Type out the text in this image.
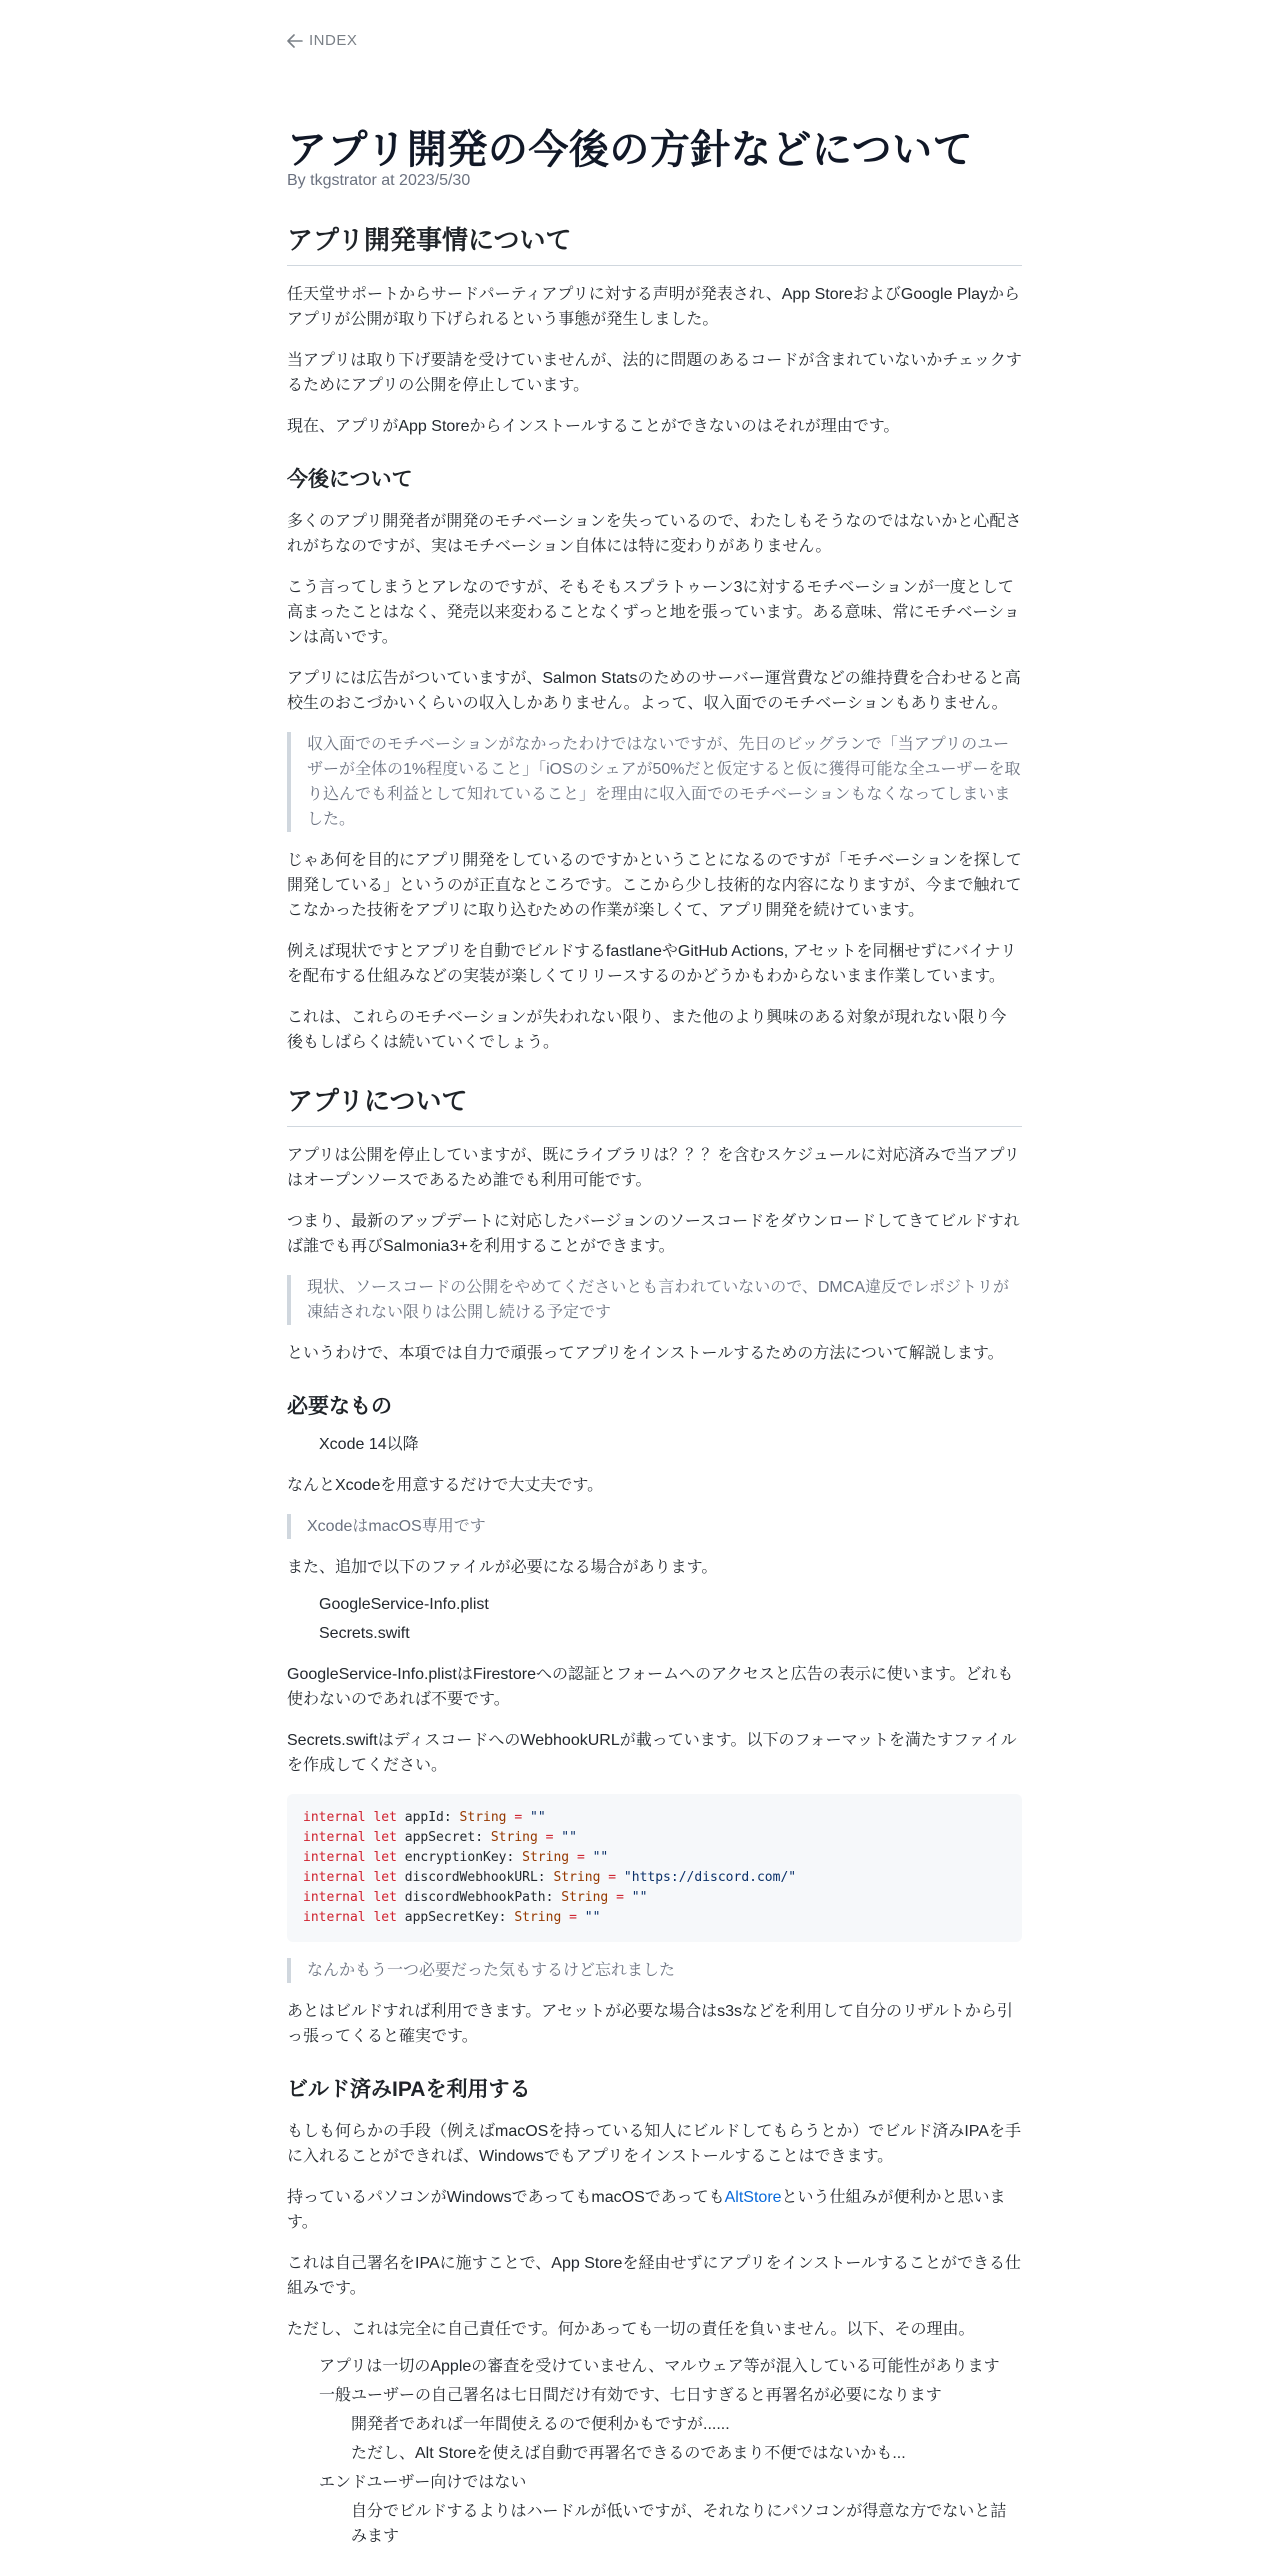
INDEX
アプリ開発の今後の方針などについて
By tkgstrator at 2023/5/30
アプリ開発事情について

任天堂サポートからサードパーティアプリに対する声明が発表され、App StoreおよびGoogle Playからアプリが公開が取り下げられるという事態が発生しました。

当アプリは取り下げ要請を受けていませんが、法的に問題のあるコードが含まれていないかチェックするためにアプリの公開を停止しています。

現在、アプリがApp Storeからインストールすることができないのはそれが理由です。

今後について

多くのアプリ開発者が開発のモチベーションを失っているので、わたしもそうなのではないかと心配されがちなのですが、実はモチベーション自体には特に変わりがありません。

こう言ってしまうとアレなのですが、そもそもスプラトゥーン3に対するモチベーションが一度として高まったことはなく、発売以来変わることなくずっと地を張っています。ある意味、常にモチベーションは高いです。

アプリには広告がついていますが、Salmon Statsのためのサーバー運営費などの維持費を合わせると高校生のおこづかいくらいの収入しかありません。よって、収入面でのモチベーションもありません。

収入面でのモチベーションがなかったわけではないですが、先日のビッグランで「当アプリのユーザーが全体の1%程度いること」「iOSのシェアが50%だと仮定すると仮に獲得可能な全ユーザーを取り込んでも利益として知れていること」を理由に収入面でのモチベーションもなくなってしまいました。

じゃあ何を目的にアプリ開発をしているのですかということになるのですが「モチベーションを探して開発している」というのが正直なところです。ここから少し技術的な内容になりますが、今まで触れてこなかった技術をアプリに取り込むための作業が楽しくて、アプリ開発を続けています。

例えば現状ですとアプリを自動でビルドするfastlaneやGitHub Actions, アセットを同梱せずにバイナリを配布する仕組みなどの実装が楽しくてリリースするのかどうかもわからないまま作業しています。

これは、これらのモチベーションが失われない限り、また他のより興味のある対象が現れない限り今後もしばらくは続いていくでしょう。

アプリについて

アプリは公開を停止していますが、既にライブラリは？？？を含むスケジュールに対応済みで当アプリはオープンソースであるため誰でも利用可能です。

つまり、最新のアップデートに対応したバージョンのソースコードをダウンロードしてきてビルドすれば誰でも再びSalmonia3+を利用することができます。

現状、ソースコードの公開をやめてくださいとも言われていないので、DMCA違反でレポジトリが凍結されない限りは公開し続ける予定です

というわけで、本項では自力で頑張ってアプリをインストールするための方法について解説します。

必要なもの
Xcode 14以降

なんとXcodeを用意するだけで大丈夫です。

XcodeはmacOS専用です

また、追加で以下のファイルが必要になる場合があります。

GoogleService-Info.plist
Secrets.swift

GoogleService-Info.plistはFirestoreへの認証とフォームへのアクセスと広告の表示に使います。どれも使わないのであれば不要です。

Secrets.swiftはディスコードへのWebhookURLが載っています。以下のフォーマットを満たすファイルを作成してください。

internal let appId: String = ""
internal let appSecret: String = ""
internal let encryptionKey: String = ""
internal let discordWebhookURL: String = "https://discord.com/"
internal let discordWebhookPath: String = ""
internal let appSecretKey: String = ""
なんかもう一つ必要だった気もするけど忘れました

あとはビルドすれば利用できます。アセットが必要な場合はs3sなどを利用して自分のリザルトから引っ張ってくると確実です。

ビルド済みIPAを利用する

もしも何らかの手段（例えばmacOSを持っている知人にビルドしてもらうとか）でビルド済みIPAを手に入れることができれば、Windowsでもアプリをインストールすることはできます。

持っているパソコンがWindowsであってもmacOSであってもAltStoreという仕組みが便利かと思います。

これは自己署名をIPAに施すことで、App Storeを経由せずにアプリをインストールすることができる仕組みです。

ただし、これは完全に自己責任です。何かあっても一切の責任を負いません。以下、その理由。

アプリは一切のAppleの審査を受けていません、マルウェア等が混入している可能性があります
一般ユーザーの自己署名は七日間だけ有効です、七日すぎると再署名が必要になります
開発者であれば一年間使えるので便利かもですが......
ただし、Alt Storeを使えば自動で再署名できるのであまり不便ではないかも...
エンドユーザー向けではない
自分でビルドするよりはハードルが低いですが、それなりにパソコンが得意な方でないと詰みます
